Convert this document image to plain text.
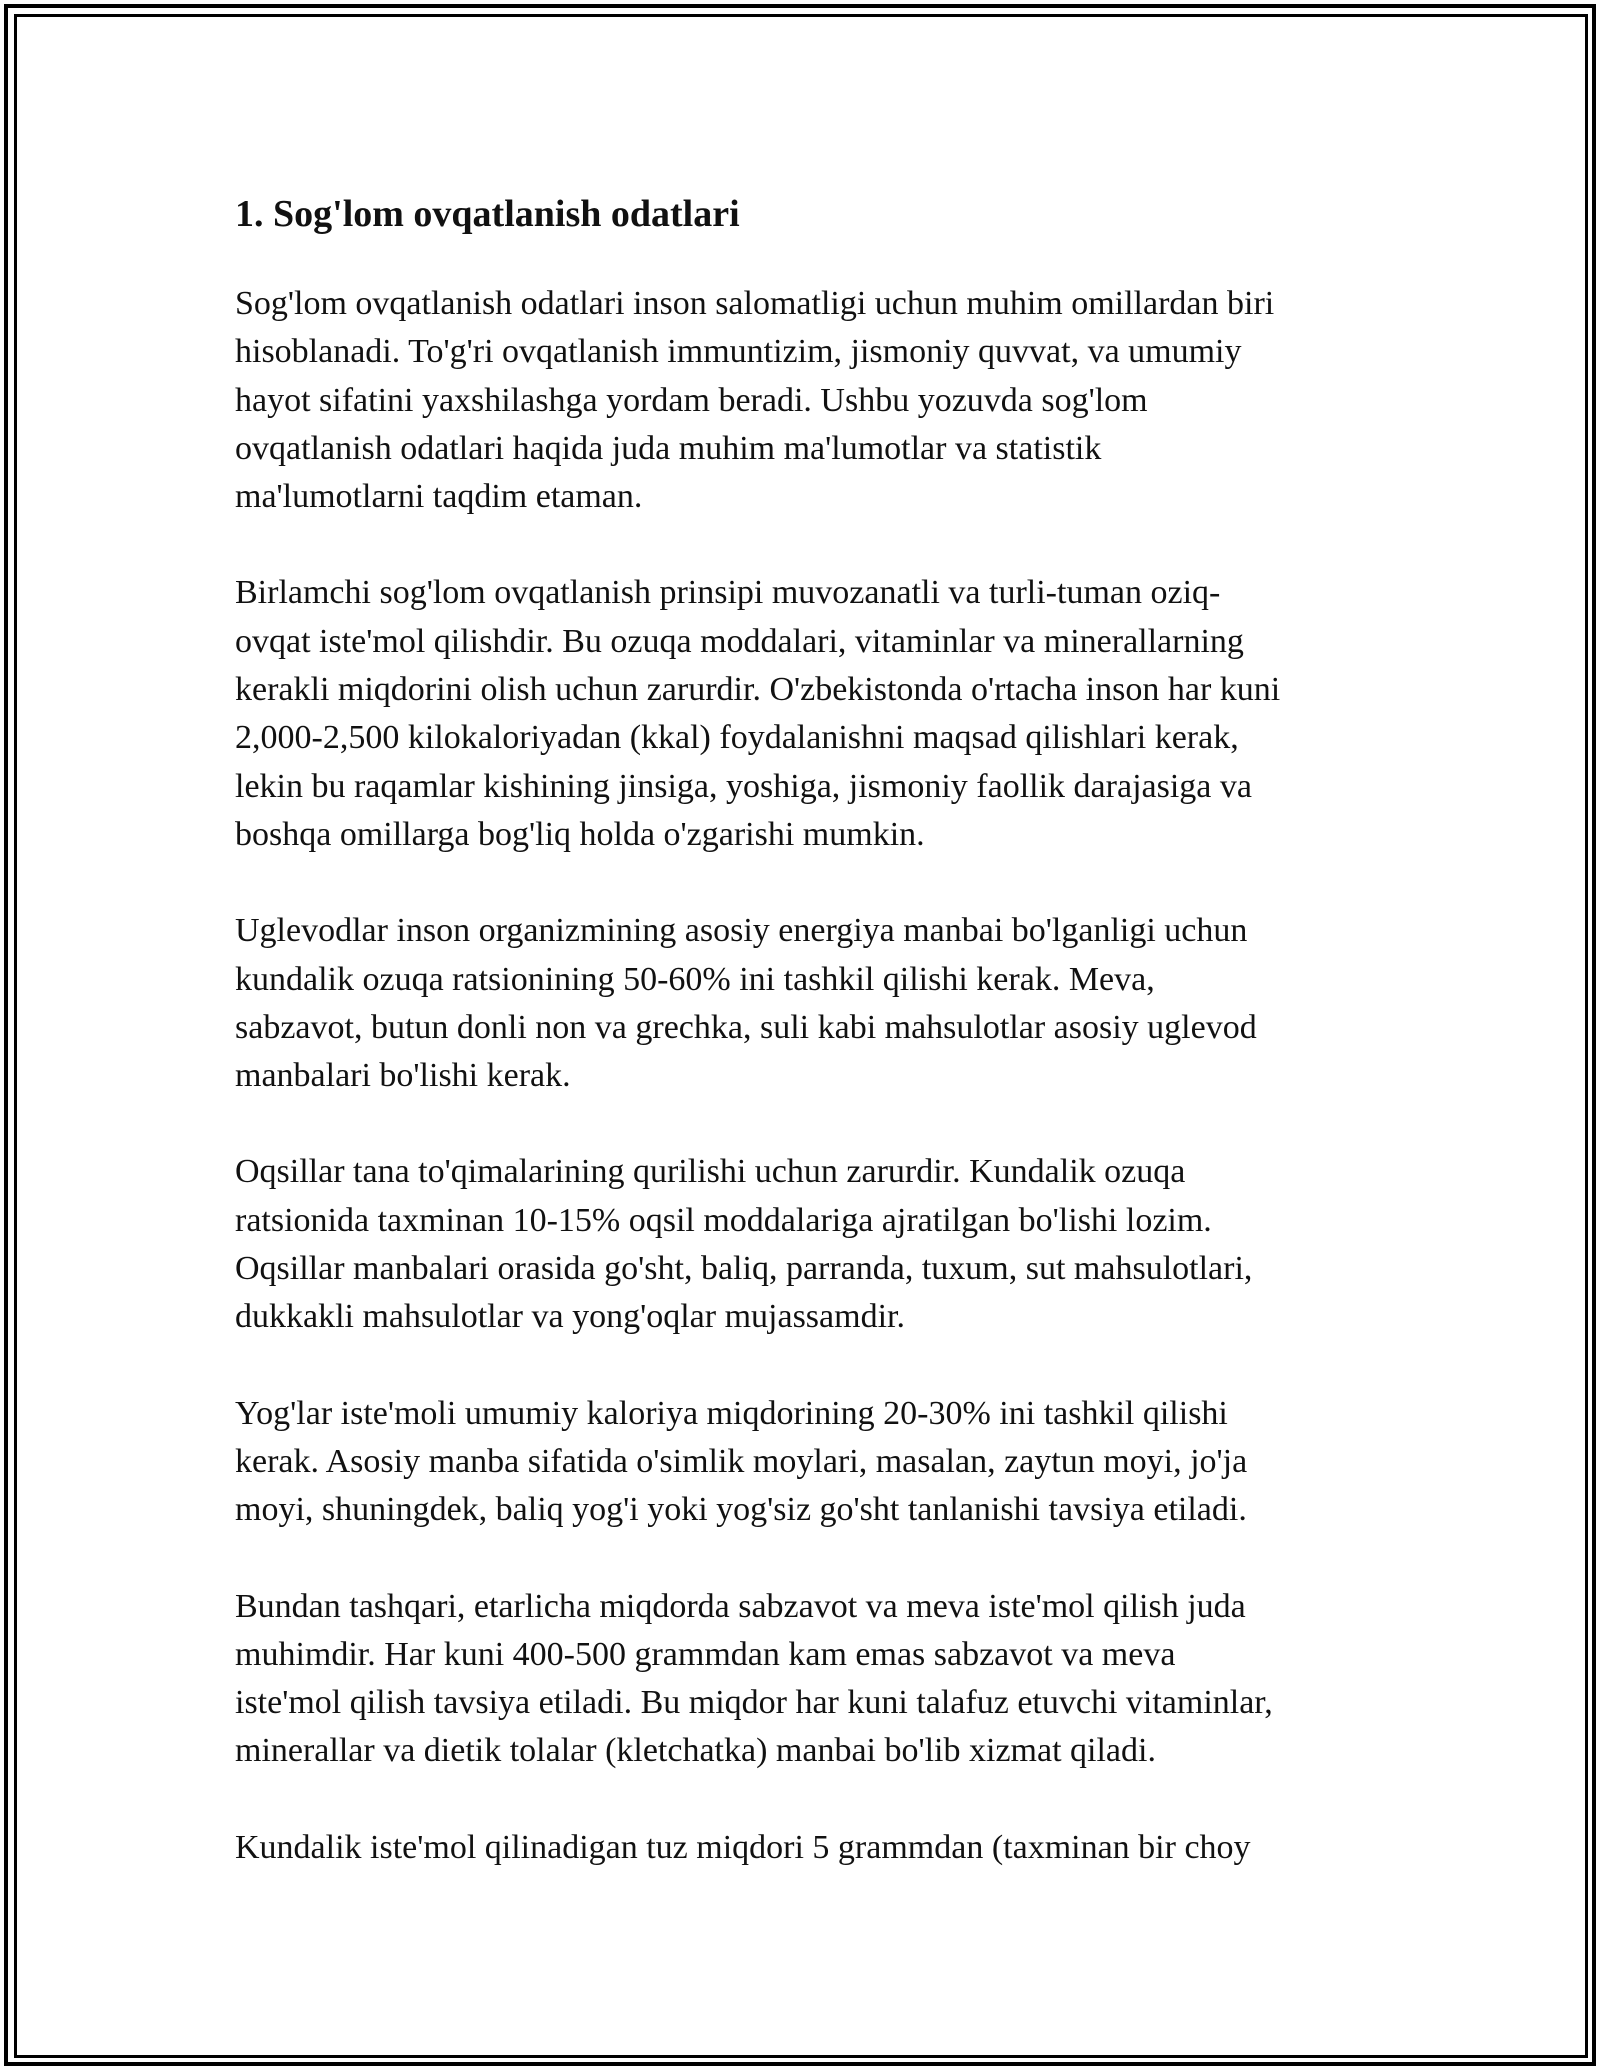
1. Sog'lom ovqatlanish odatlari

Sog'lom ovqatlanish odatlari inson salomatligi uchun muhim omillardan biri
hisoblanadi. To'g'ri ovqatlanish immuntizim, jismoniy quvvat, va umumiy
hayot sifatini yaxshilashga yordam beradi. Ushbu yozuvda sog'lom
ovqatlanish odatlari haqida juda muhim ma'lumotlar va statistik
ma'lumotlarni taqdim etaman.

Birlamchi sog'lom ovqatlanish prinsipi muvozanatli va turli-tuman oziq-
ovqat iste'mol qilishdir. Bu ozuqa moddalari, vitaminlar va minerallarning
kerakli miqdorini olish uchun zarurdir. O'zbekistonda o'rtacha inson har kuni
2,000-2,500 kilokaloriyadan (kkal) foydalanishni maqsad qilishlari kerak,
lekin bu raqamlar kishining jinsiga, yoshiga, jismoniy faollik darajasiga va
boshqa omillarga bog'liq holda o'zgarishi mumkin.

Uglevodlar inson organizmining asosiy energiya manbai bo'lganligi uchun
kundalik ozuqa ratsionining 50-60% ini tashkil qilishi kerak. Meva,
sabzavot, butun donli non va grechka, suli kabi mahsulotlar asosiy uglevod
manbalari bo'lishi kerak.

Oqsillar tana to'qimalarining qurilishi uchun zarurdir. Kundalik ozuqa
ratsionida taxminan 10-15% oqsil moddalariga ajratilgan bo'lishi lozim.
Oqsillar manbalari orasida go'sht, baliq, parranda, tuxum, sut mahsulotlari,
dukkakli mahsulotlar va yong'oqlar mujassamdir.

Yog'lar iste'moli umumiy kaloriya miqdorining 20-30% ini tashkil qilishi
kerak. Asosiy manba sifatida o'simlik moylari, masalan, zaytun moyi, jo'ja
moyi, shuningdek, baliq yog'i yoki yog'siz go'sht tanlanishi tavsiya etiladi.

Bundan tashqari, etarlicha miqdorda sabzavot va meva iste'mol qilish juda
muhimdir. Har kuni 400-500 grammdan kam emas sabzavot va meva
iste'mol qilish tavsiya etiladi. Bu miqdor har kuni talafuz etuvchi vitaminlar,
minerallar va dietik tolalar (kletchatka) manbai bo'lib xizmat qiladi.

Kundalik iste'mol qilinadigan tuz miqdori 5 grammdan (taxminan bir choy
